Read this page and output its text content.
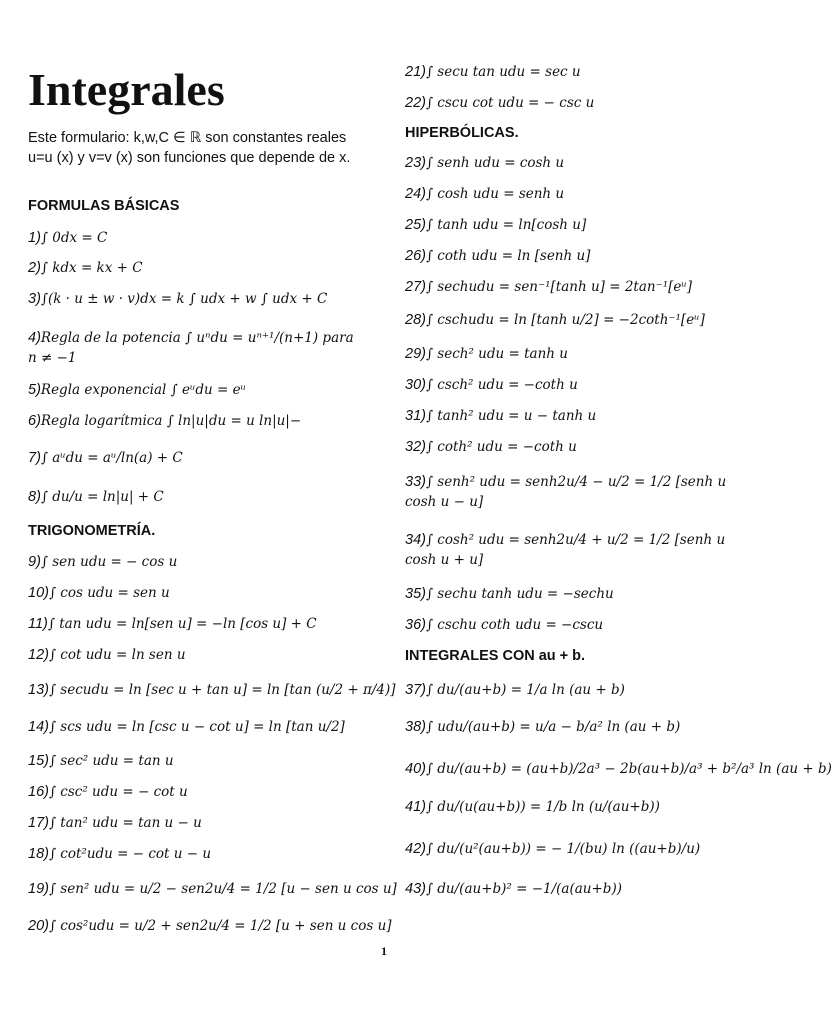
Integrales
Este formulario: k,w,C ∈ ℝ son constantes reales u=u (x) y v=v (x) son funciones que depende de x.
FORMULAS BÁSICAS
1)∫ 0dx = C
2)∫ kdx = kx + C
3)∫(k · u ± w · v)dx = k ∫ udx + w ∫ udx + C
4)Regla de la potencia ∫ uⁿdu = uⁿ⁺¹/(n+1) para n ≠ −1
5)Regla exponencial ∫ eᵘdu = eᵘ
6)Regla logarítmica ∫ ln|u|du = u ln|u|−
7)∫ aᵘdu = aᵘ/ln(a) + C
8)∫ du/u = ln|u| + C
TRIGONOMETRÍA.
9)∫ sen udu = − cos u
10)∫ cos udu = sen u
11)∫ tan udu = ln[sen u] = −ln [cos u] + C
12)∫ cot udu = ln sen u
13)∫ secudu = ln [sec u + tan u] = ln [tan (u/2 + π/4)]
14)∫ scs udu = ln [csc u − cot u] = ln [tan u/2]
15)∫ sec² udu = tan u
16)∫ csc² udu = − cot u
17)∫ tan² udu = tan u − u
18)∫ cot²udu = − cot u − u
19)∫ sen² udu = u/2 − sen2u/4 = 1/2 [u − sen u cos u]
20)∫ cos²udu = u/2 + sen2u/4 = 1/2 [u + sen u cos u]
21)∫ secu tan udu = sec u
22)∫ cscu cot udu = − csc u
HIPERBÓLICAS.
23)∫ senh udu = cosh u
24)∫ cosh udu = senh u
25)∫ tanh udu = ln[cosh u]
26)∫ coth udu = ln [senh u]
27)∫ sechudu = sen⁻¹[tanh u] = 2tan⁻¹[eᵘ]
28)∫ cschudu = ln [tanh u/2] = −2coth⁻¹[eᵘ]
29)∫ sech² udu = tanh u
30)∫ csch² udu = −coth u
31)∫ tanh² udu = u − tanh u
32)∫ coth² udu = −coth u
33)∫ senh² udu = senh2u/4 − u/2 = 1/2 [senh u cosh u − u]
34)∫ cosh² udu = senh2u/4 + u/2 = 1/2 [senh u cosh u + u]
35)∫ sechu tanh udu = −sechu
36)∫ cschu coth udu = −cscu
INTEGRALES CON au + b.
37)∫ du/(au+b) = 1/a ln (au + b)
38)∫ udu/(au+b) = u/a − b/a² ln (au + b)
40)∫ du/(au+b) = (au+b)/2a³ − 2b(au+b)/a³ + b²/a³ ln (au + b)
41)∫ du/(u(au+b)) = 1/b ln (u/(au+b))
42)∫ du/(u²(au+b)) = − 1/(bu) ln ((au+b)/u)
43)∫ du/(au+b)² = −1/(a(au+b))
1
